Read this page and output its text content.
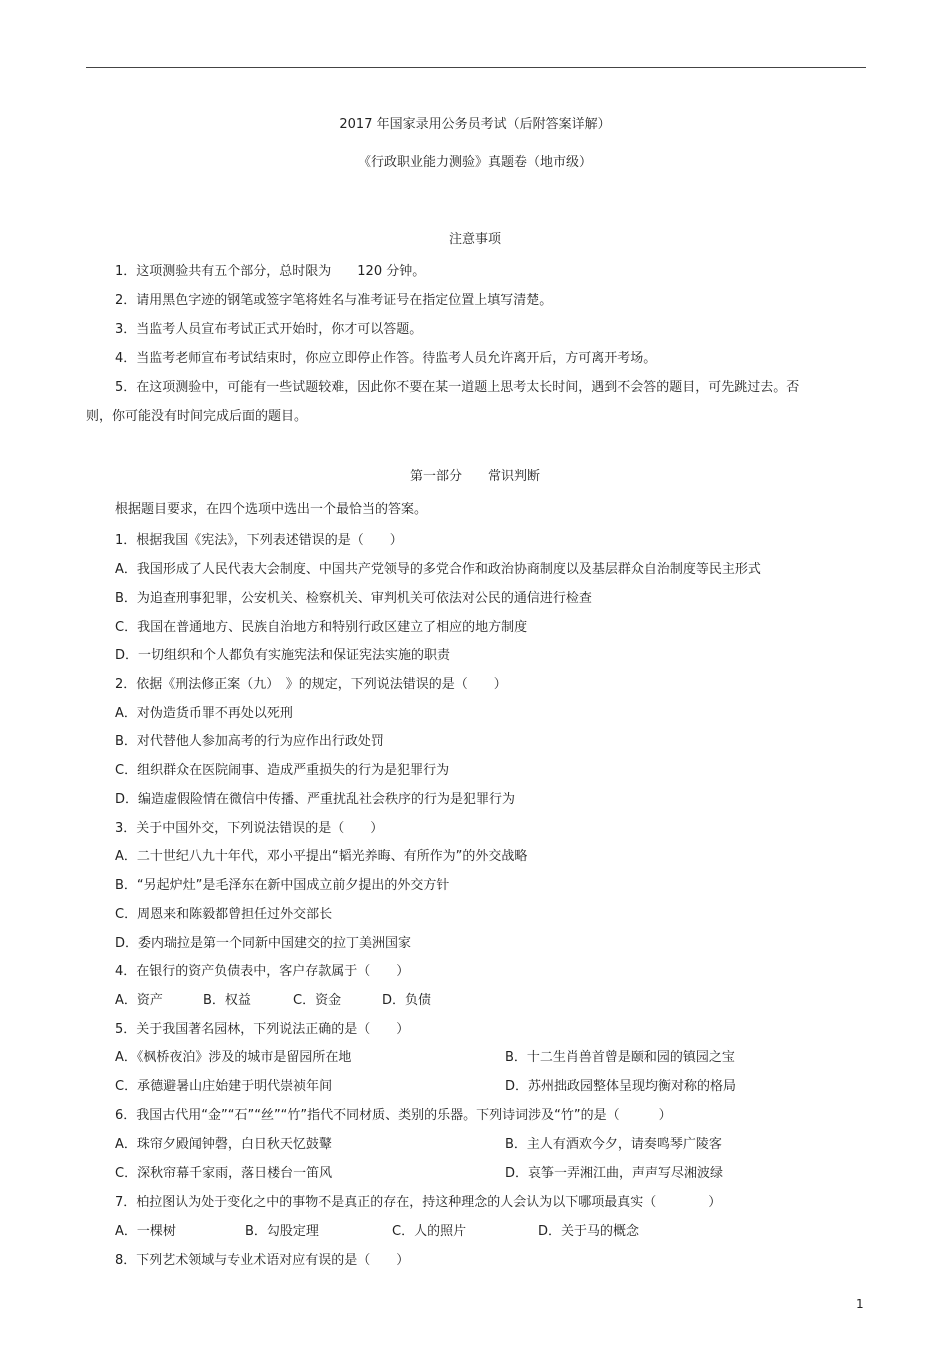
2017 年国家录用公务员考试（后附答案详解）
《行政职业能力测验》真题卷（地市级）
注意事项
1．这项测验共有五个部分，总时限为　　120 分钟。
2．请用黑色字迹的钢笔或签字笔将姓名与准考证号在指定位置上填写清楚。
3．当监考人员宣布考试正式开始时，你才可以答题。
4．当监考老师宣布考试结束时，你应立即停止作答。待监考人员允许离开后，方可离开考场。
5．在这项测验中，可能有一些试题较难，因此你不要在某一道题上思考太长时间，遇到不会答的题目，可先跳过去。否
则，你可能没有时间完成后面的题目。
第一部分　　常识判断
根据题目要求，在四个选项中选出一个最恰当的答案。
1．根据我国《宪法》，下列表述错误的是（　　）
A．我国形成了人民代表大会制度、中国共产党领导的多党合作和政治协商制度以及基层群众自治制度等民主形式
B．为追查刑事犯罪，公安机关、检察机关、审判机关可依法对公民的通信进行检查
C．我国在普通地方、民族自治地方和特别行政区建立了相应的地方制度
D．一切组织和个人都负有实施宪法和保证宪法实施的职责
2．依据《刑法修正案（九）　》的规定，下列说法错误的是（　　）
A．对伪造货币罪不再处以死刑
B．对代替他人参加高考的行为应作出行政处罚
C．组织群众在医院闹事、造成严重损失的行为是犯罪行为
D．编造虚假险情在微信中传播、严重扰乱社会秩序的行为是犯罪行为
3．关于中国外交，下列说法错误的是（　　）
A．二十世纪八九十年代，邓小平提出“韬光养晦、有所作为”的外交战略
B．“另起炉灶”是毛泽东在新中国成立前夕提出的外交方针
C．周恩来和陈毅都曾担任过外交部长
D．委内瑞拉是第一个同新中国建交的拉丁美洲国家
4．在银行的资产负债表中，客户存款属于（　　）
A．资产	B．权益	C．资金	D．负债
5．关于我国著名园林，下列说法正确的是（　　）
A．《枫桥夜泊》涉及的城市是留园所在地	B．十二生肖兽首曾是颐和园的镇园之宝
C．承德避暑山庄始建于明代崇祯年间	D．苏州拙政园整体呈现均衡对称的格局
6．我国古代用“金”“石”“丝”“竹”指代不同材质、类别的乐器。下列诗词涉及“竹”的是（　　　）
A．珠帘夕殿闻钟磬，白日秋天忆鼓鼙	B．主人有酒欢今夕，请奏鸣琴广陵客
C．深秋帘幕千家雨，落日楼台一笛风	D．哀筝一弄湘江曲，声声写尽湘波绿
7．柏拉图认为处于变化之中的事物不是真正的存在，持这种理念的人会认为以下哪项最真实（　　　　）
A．一棵树	B．勾股定理	C．人的照片	D．关于马的概念
8．下列艺术领域与专业术语对应有误的是（　　）
1
